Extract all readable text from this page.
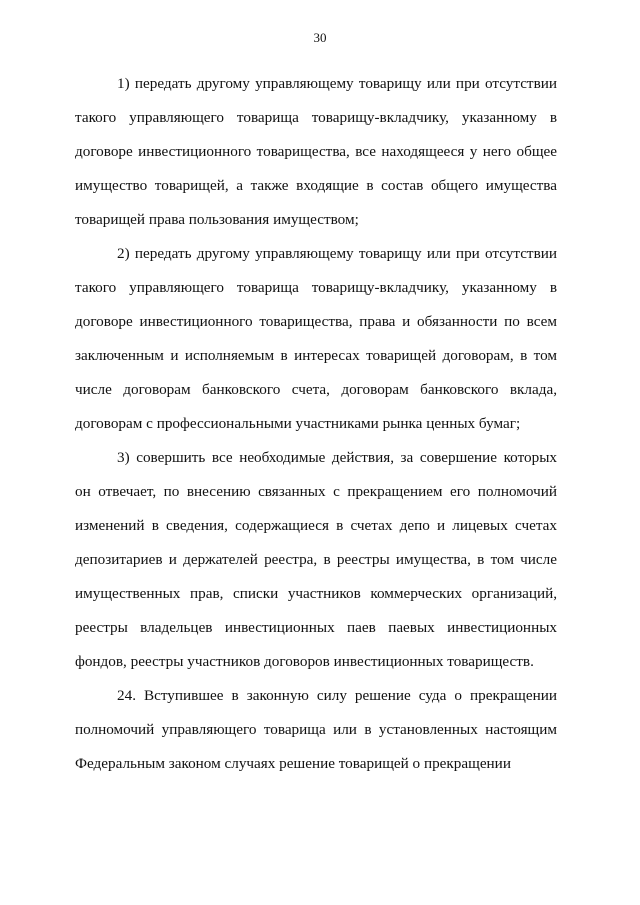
30

1) передать другому управляющему товарищу или при отсутствии такого управляющего товарища товарищу-вкладчику, указанному в договоре инвестиционного товарищества, все находящееся у него общее имущество товарищей, а также входящие в состав общего имущества товарищей права пользования имуществом;

2) передать другому управляющему товарищу или при отсутствии такого управляющего товарища товарищу-вкладчику, указанному в договоре инвестиционного товарищества, права и обязанности по всем заключенным и исполняемым в интересах товарищей договорам, в том числе договорам банковского счета, договорам банковского вклада, договорам с профессиональными участниками рынка ценных бумаг;

3) совершить все необходимые действия, за совершение которых он отвечает, по внесению связанных с прекращением его полномочий изменений в сведения, содержащиеся в счетах депо и лицевых счетах депозитариев и держателей реестра, в реестры имущества, в том числе имущественных прав, списки участников коммерческих организаций, реестры владельцев инвестиционных паев паевых инвестиционных фондов, реестры участников договоров инвестиционных товариществ.

24. Вступившее в законную силу решение суда о прекращении полномочий управляющего товарища или в установленных настоящим Федеральным законом случаях решение товарищей о прекращении
